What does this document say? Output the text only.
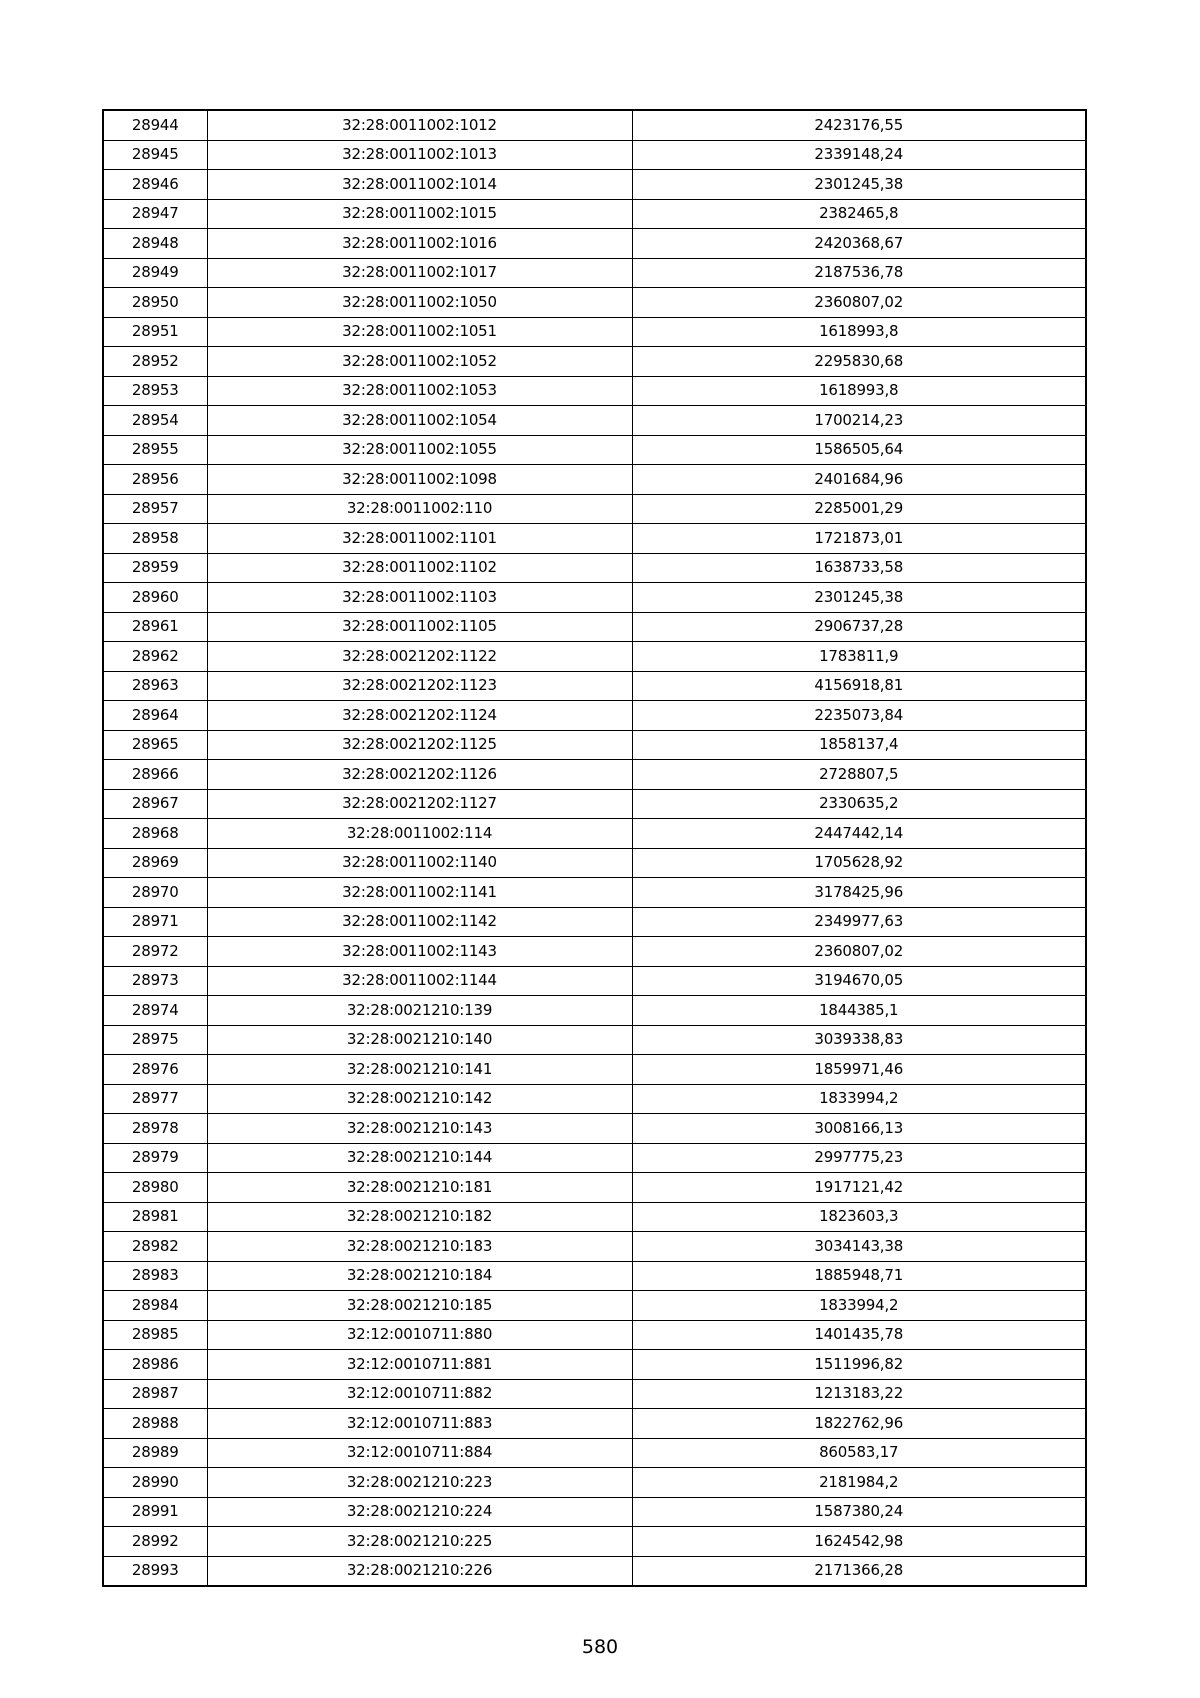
28944	32:28:0011002:1012	2423176,55
28945	32:28:0011002:1013	2339148,24
28946	32:28:0011002:1014	2301245,38
28947	32:28:0011002:1015	2382465,8
28948	32:28:0011002:1016	2420368,67
28949	32:28:0011002:1017	2187536,78
28950	32:28:0011002:1050	2360807,02
28951	32:28:0011002:1051	1618993,8
28952	32:28:0011002:1052	2295830,68
28953	32:28:0011002:1053	1618993,8
28954	32:28:0011002:1054	1700214,23
28955	32:28:0011002:1055	1586505,64
28956	32:28:0011002:1098	2401684,96
28957	32:28:0011002:110	2285001,29
28958	32:28:0011002:1101	1721873,01
28959	32:28:0011002:1102	1638733,58
28960	32:28:0011002:1103	2301245,38
28961	32:28:0011002:1105	2906737,28
28962	32:28:0021202:1122	1783811,9
28963	32:28:0021202:1123	4156918,81
28964	32:28:0021202:1124	2235073,84
28965	32:28:0021202:1125	1858137,4
28966	32:28:0021202:1126	2728807,5
28967	32:28:0021202:1127	2330635,2
28968	32:28:0011002:114	2447442,14
28969	32:28:0011002:1140	1705628,92
28970	32:28:0011002:1141	3178425,96
28971	32:28:0011002:1142	2349977,63
28972	32:28:0011002:1143	2360807,02
28973	32:28:0011002:1144	3194670,05
28974	32:28:0021210:139	1844385,1
28975	32:28:0021210:140	3039338,83
28976	32:28:0021210:141	1859971,46
28977	32:28:0021210:142	1833994,2
28978	32:28:0021210:143	3008166,13
28979	32:28:0021210:144	2997775,23
28980	32:28:0021210:181	1917121,42
28981	32:28:0021210:182	1823603,3
28982	32:28:0021210:183	3034143,38
28983	32:28:0021210:184	1885948,71
28984	32:28:0021210:185	1833994,2
28985	32:12:0010711:880	1401435,78
28986	32:12:0010711:881	1511996,82
28987	32:12:0010711:882	1213183,22
28988	32:12:0010711:883	1822762,96
28989	32:12:0010711:884	860583,17
28990	32:28:0021210:223	2181984,2
28991	32:28:0021210:224	1587380,24
28992	32:28:0021210:225	1624542,98
28993	32:28:0021210:226	2171366,28
580
